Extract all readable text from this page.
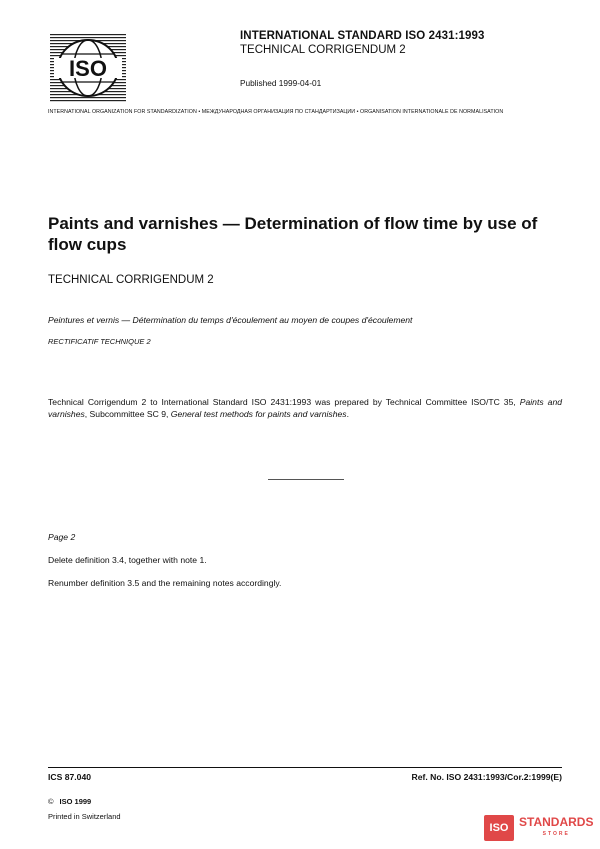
ISO
INTERNATIONAL STANDARD ISO 2431:1993
TECHNICAL CORRIGENDUM 2
Published 1999-04-01
INTERNATIONAL ORGANIZATION FOR STANDARDIZATION • МЕЖДУНАРОДНАЯ ОРГАНИЗАЦИЯ ПО СТАНДАРТИЗАЦИИ • ORGANISATION INTERNATIONALE DE NORMALISATION
Paints and varnishes — Determination of flow time by use of flow cups
TECHNICAL CORRIGENDUM 2
Peintures et vernis — Détermination du temps d'écoulement au moyen de coupes d'écoulement
RECTIFICATIF TECHNIQUE 2
Technical Corrigendum 2 to International Standard ISO 2431:1993 was prepared by Technical Committee ISO/TC 35, Paints and varnishes, Subcommittee SC 9, General test methods for paints and varnishes.
Page 2
Delete definition 3.4, together with note 1.
Renumber definition 3.5 and the remaining notes accordingly.
ICS 87.040	Ref. No. ISO 2431:1993/Cor.2:1999(E)
© ISO 1999
Printed in Switzerland
ISO STANDARDS
STORE
